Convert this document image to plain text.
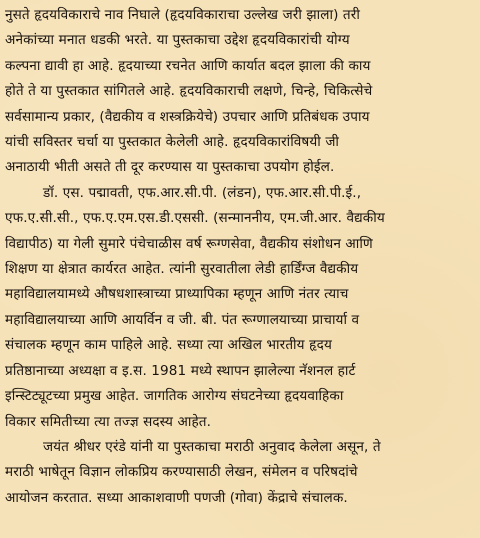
नुसते हृदयविकाराचे नाव निघाले (हृदयविकाराचा उल्लेख जरी झाला) तरी
अनेकांच्या मनात धडकी भरते. या पुस्तकाचा उद्देश हृदयविकारांची योग्य
कल्पना द्यावी हा आहे. हृदयाच्या रचनेत आणि कार्यात बदल झाला की काय
होते ते या पुस्तकात सांगितले आहे. हृदयविकाराची लक्षणे, चिन्हे, चिकित्सेचे
सर्वसामान्य प्रकार, (वैद्यकीय व शस्त्रक्रियेचे) उपचार आणि प्रतिबंधक उपाय
यांची सविस्तर चर्चा या पुस्तकात केलेली आहे. हृदयविकारांविषयी जी
अनाठायी भीती असते ती दूर करण्यास या पुस्तकाचा उपयोग होईल.
डॉ. एस. पद्मावती, एफ.आर.सी.पी. (लंडन), एफ.आर.सी.पी.ई.,
एफ.ए.सी.सी., एफ.ए.एम.एस.डी.एससी. (सन्माननीय, एम.जी.आर. वैद्यकीय
विद्यापीठ) या गेली सुमारे पंचेचाळीस वर्ष रूग्णसेवा, वैद्यकीय संशोधन आणि
शिक्षण या क्षेत्रात कार्यरत आहेत. त्यांनी सुरवातीला लेडी हार्डिंग्ज वैद्यकीय
महाविद्यालयामध्ये औषधशास्त्राच्या प्राध्यापिका म्हणून आणि नंतर त्याच
महाविद्यालयाच्या आणि आयर्विन व जी. बी. पंत रूग्णालयाच्या प्राचार्या व
संचालक म्हणून काम पाहिले आहे. सध्या त्या अखिल भारतीय हृदय
प्रतिष्ठानाच्या अध्यक्षा व इ.स. 1981 मध्ये स्थापन झालेल्या नॅशनल हार्ट
इन्स्टिट्यूटच्या प्रमुख आहेत. जागतिक आरोग्य संघटनेच्या हृदयवाहिका
विकार समितीच्या त्या तज्ज्ञ सदस्य आहेत.
जयंत श्रीधर एरंडे यांनी या पुस्तकाचा मराठी अनुवाद केलेला असून, ते
मराठी भाषेतून विज्ञान लोकप्रिय करण्यासाठी लेखन, संमेलन व परिषदांचे
आयोजन करतात. सध्या आकाशवाणी पणजी (गोवा) केंद्राचे संचालक.
